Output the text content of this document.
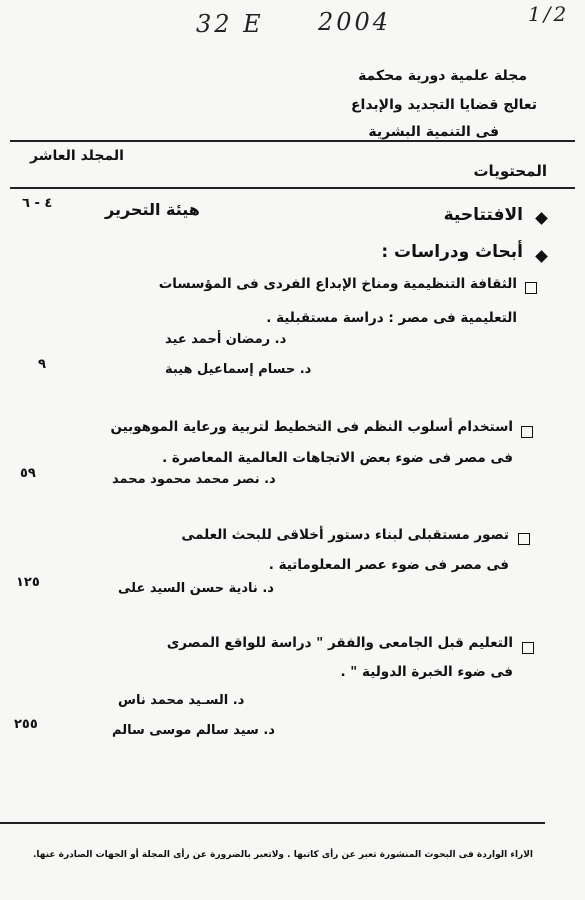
32 E 2004	1/2
مجلة علمية دورية محكمة
تعالج قضايا التجديد والإبداع
فى التنمية البشرية
المجلد العاشر
المحتويات
الافتتاحية
هيئة التحرير
٤ - ٦
أبحاث ودراسات :
الثقافة التنظيمية ومناخ الإبداع الفردى فى المؤسسات
التعليمية فى مصر : دراسة مستقبلية .
د. رمضان أحمد عيد
د. حسام إسماعيل هيبة
٩
استخدام أسلوب النظم فى التخطيط لتربية ورعاية الموهوبين
فى مصر فى ضوء بعض الاتجاهات العالمية المعاصرة .
د. نصر محمد محمود محمد
٥٩
تصور مستقبلى لبناء دستور أخلاقى للبحث العلمى
فى مصر فى ضوء عصر المعلوماتية .
د. نادية حسن السيد على
١٢٥
التعليم قبل الجامعى والفقر " دراسة للواقع المصرى
فى ضوء الخبرة الدولية " .
د. السـيد محمد ناس
د. سيد سالم موسى سالم
٢٥٥
الاراء الواردة فى البحوث المنشورة تعبر عن رأى كاتبها . ولاتعبر بالضرورة عن رأى المجلة أو الجهات الصادرة عنها.
